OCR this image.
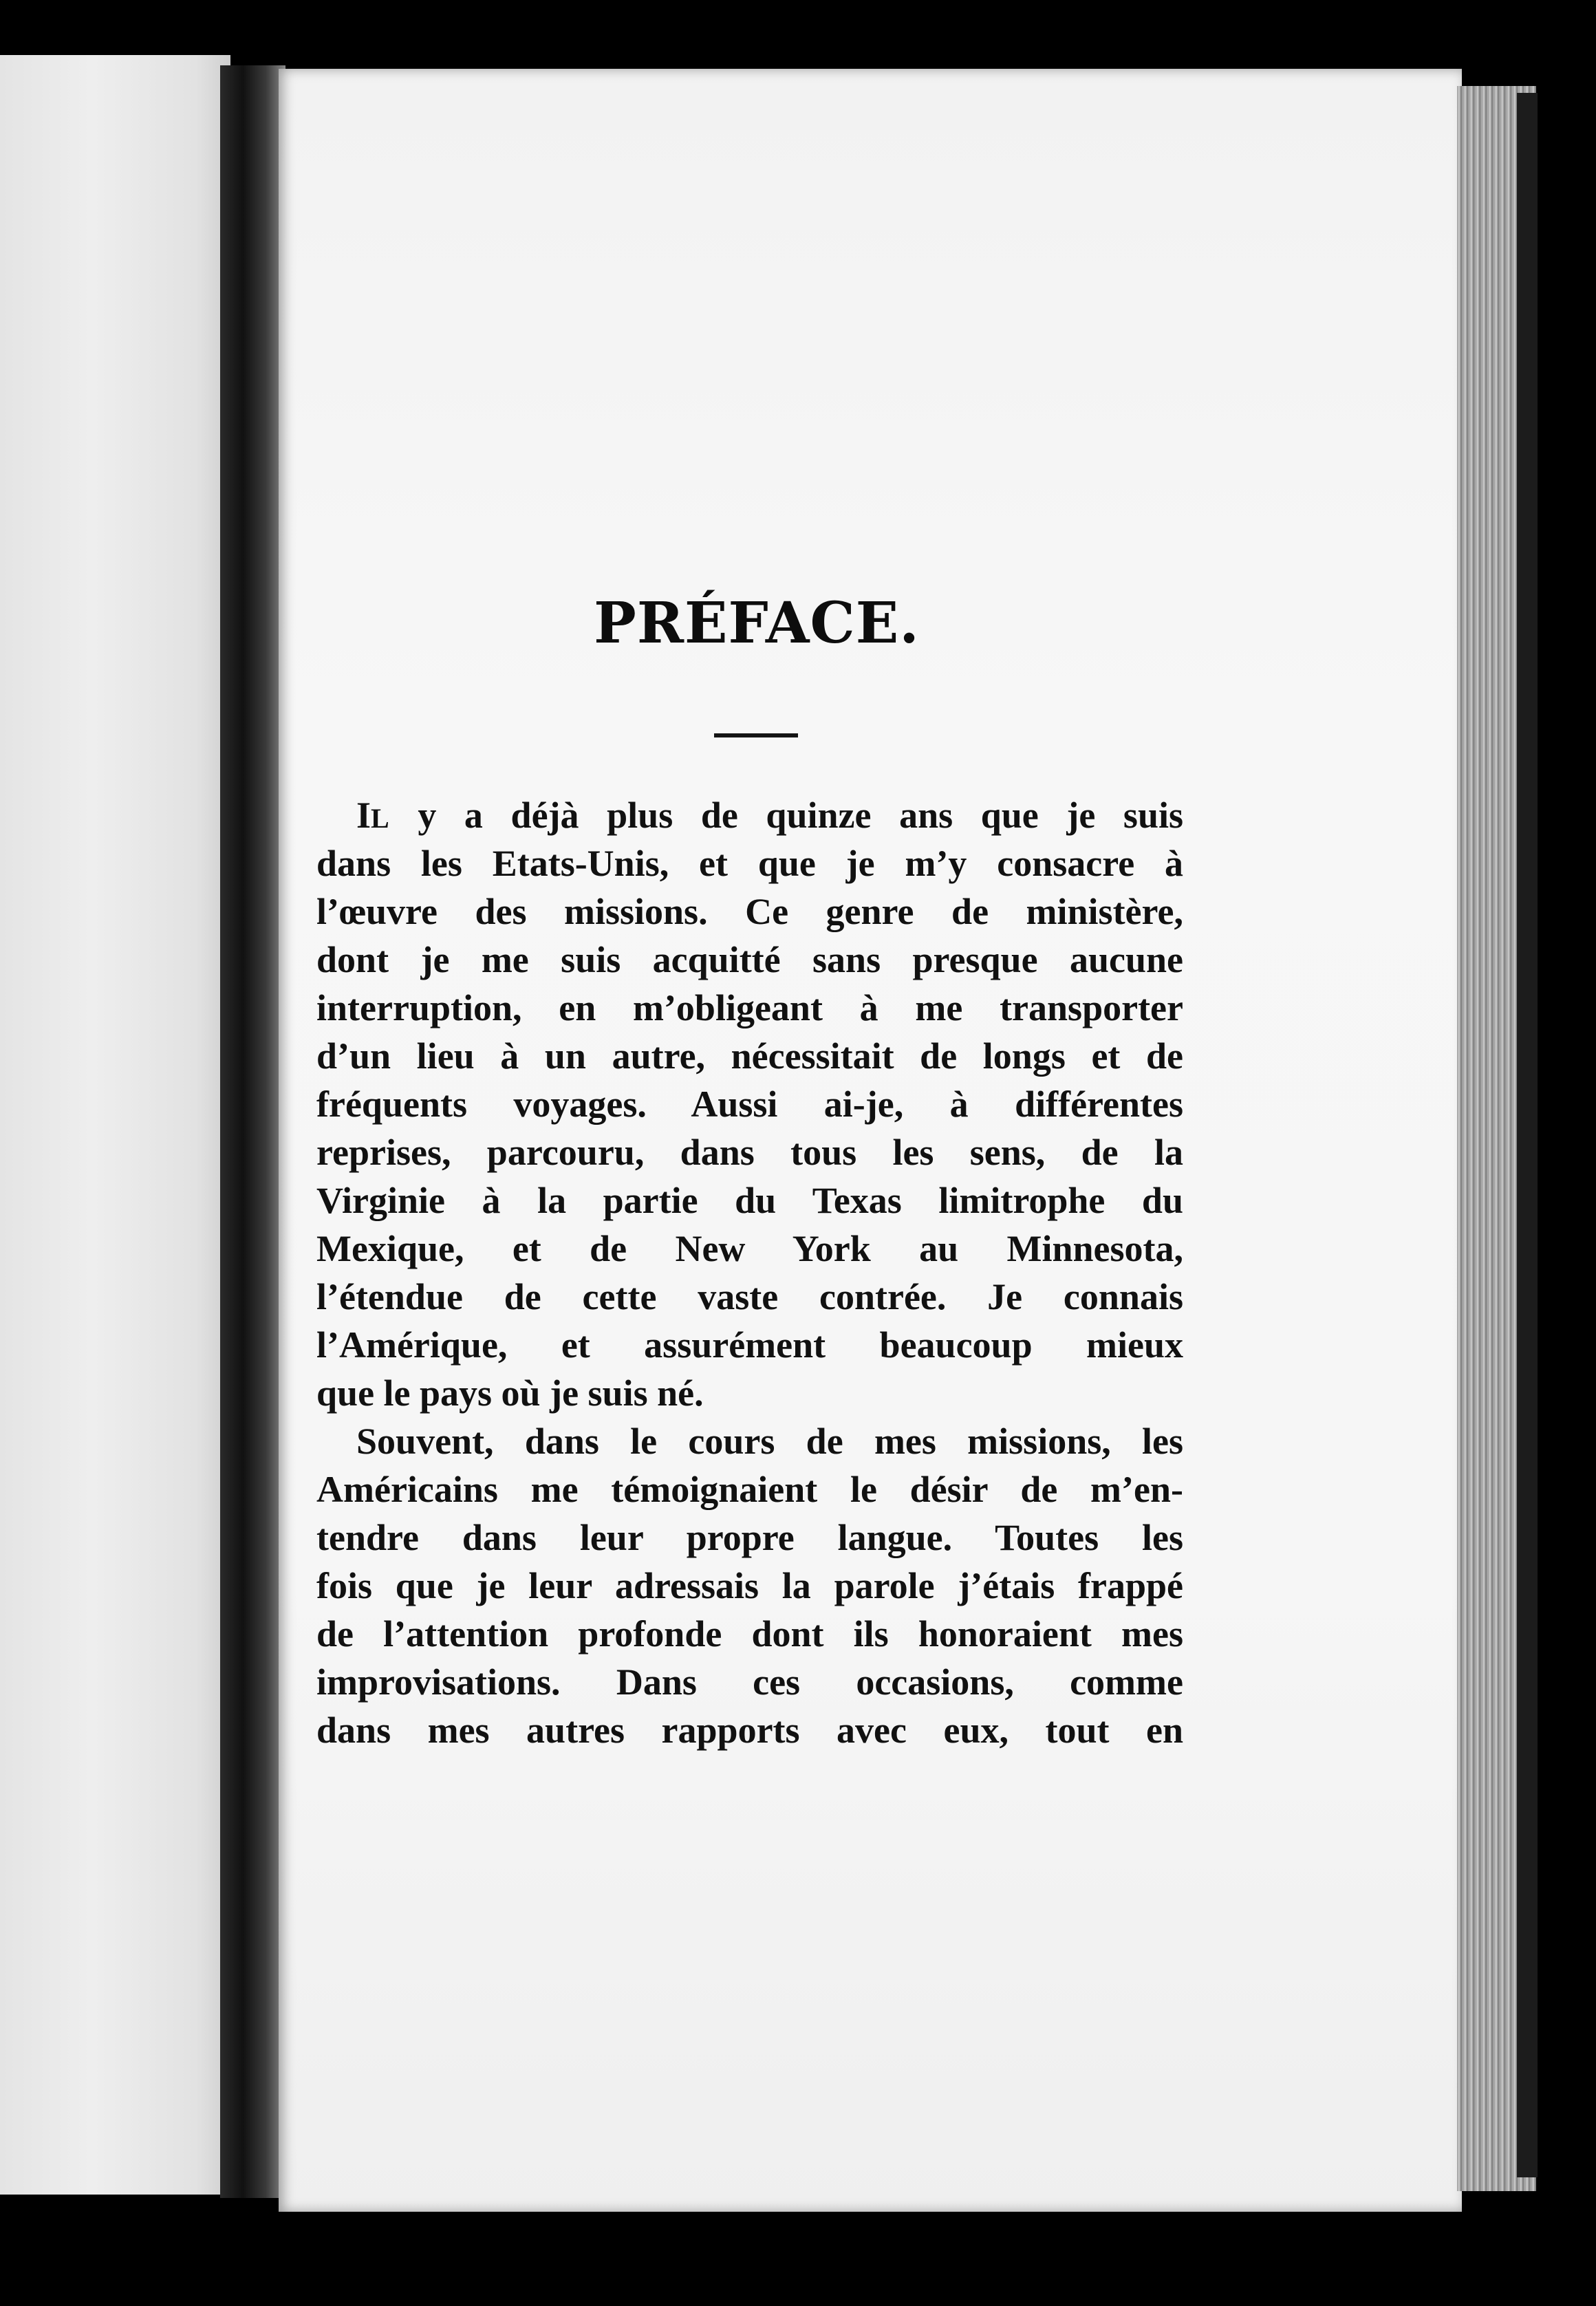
PRÉFACE.
IL y a déjà plus de quinze ans que je suis
dans les Etats-Unis, et que je m’y consacre à
l’œuvre des missions. Ce genre de ministère,
dont je me suis acquitté sans presque aucune
interruption, en m’obligeant à me transporter
d’un lieu à un autre, nécessitait de longs et de
fréquents voyages. Aussi ai-je, à différentes
reprises, parcouru, dans tous les sens, de la
Virginie à la partie du Texas limitrophe du
Mexique, et de New York au Minnesota,
l’étendue de cette vaste contrée. Je connais
l’Amérique, et assurément beaucoup mieux
que le pays où je suis né.
Souvent, dans le cours de mes missions, les
Américains me témoignaient le désir de m’en-
tendre dans leur propre langue. Toutes les
fois que je leur adressais la parole j’étais frappé
de l’attention profonde dont ils honoraient mes
improvisations. Dans ces occasions, comme
dans mes autres rapports avec eux, tout en
